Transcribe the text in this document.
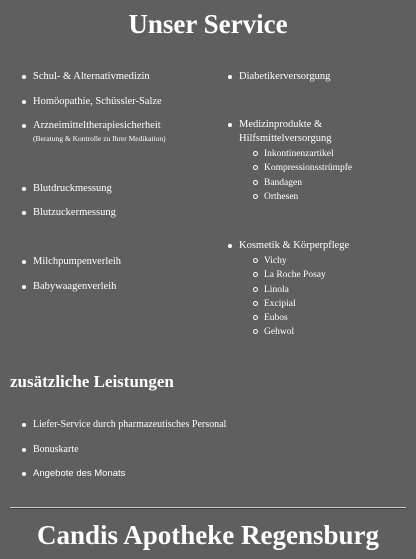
Unser Service
Schul- & Alternativmedizin
Homöopathie, Schüssler-Salze
Arzneimitteltherapiesicherheit
(Beratung & Kontrolle zu Ihrer Medikation)
Blutdruckmessung
Blutzuckermessung
Milchpumpenverleih
Babywaagenverleih
Diabetikerversorgung
Medizinprodukte & Hilfsmittelversorgung
Inkontinenzartikel
Kompressionsstrümpfe
Bandagen
Orthesen
Kosmetik & Körperpflege
Vichy
La Roche Posay
Linola
Excipial
Eubos
Gehwol
zusätzliche Leistungen
Liefer-Service durch pharmazeutisches Personal
Bonuskarte
Angebote des Monats
Candis Apotheke Regensburg
